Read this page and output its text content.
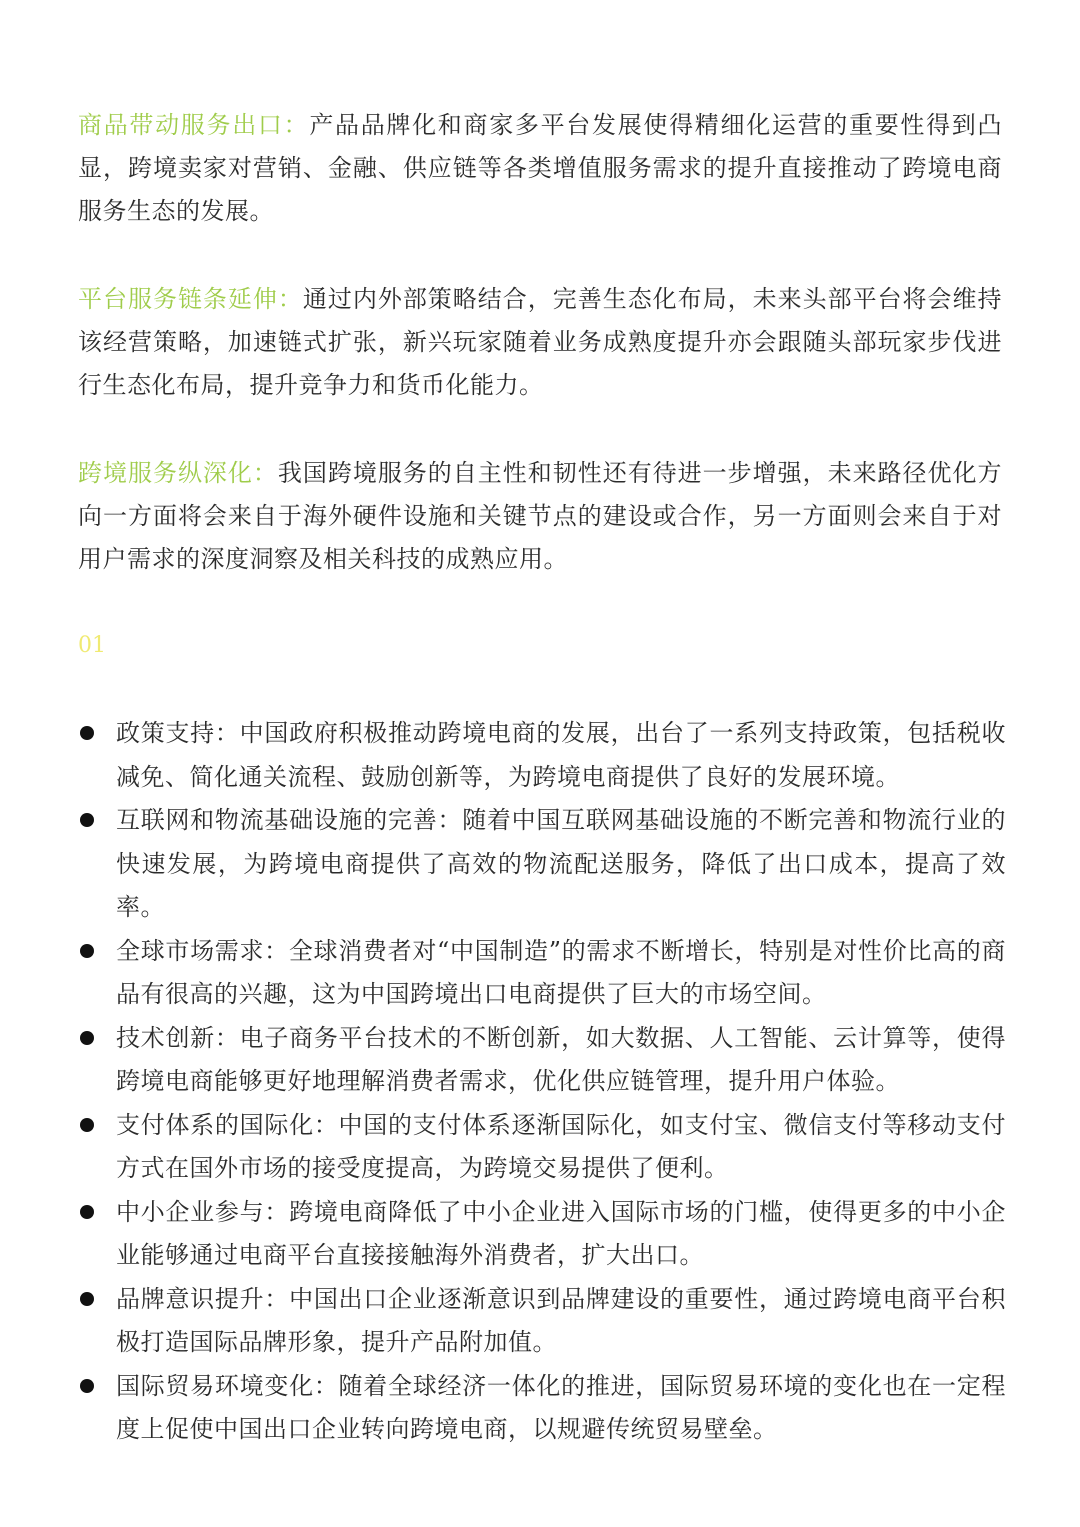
商品带动服务出口：产品品牌化和商家多平台发展使得精细化运营的重要性得到凸显，跨境卖家对营销、金融、供应链等各类增值服务需求的提升直接推动了跨境电商服务生态的发展。

平台服务链条延伸：通过内外部策略结合，完善生态化布局，未来头部平台将会维持该经营策略，加速链式扩张，新兴玩家随着业务成熟度提升亦会跟随头部玩家步伐进行生态化布局，提升竞争力和货币化能力。

跨境服务纵深化：我国跨境服务的自主性和韧性还有待进一步增强，未来路径优化方向一方面将会来自于海外硬件设施和关键节点的建设或合作，另一方面则会来自于对用户需求的深度洞察及相关科技的成熟应用。

01
政策支持：中国政府积极推动跨境电商的发展，出台了一系列支持政策，包括税收减免、简化通关流程、鼓励创新等，为跨境电商提供了良好的发展环境。
互联网和物流基础设施的完善：随着中国互联网基础设施的不断完善和物流行业的快速发展，为跨境电商提供了高效的物流配送服务，降低了出口成本，提高了效率。
全球市场需求：全球消费者对“中国制造”的需求不断增长，特别是对性价比高的商品有很高的兴趣，这为中国跨境出口电商提供了巨大的市场空间。
技术创新：电子商务平台技术的不断创新，如大数据、人工智能、云计算等，使得跨境电商能够更好地理解消费者需求，优化供应链管理，提升用户体验。
支付体系的国际化：中国的支付体系逐渐国际化，如支付宝、微信支付等移动支付方式在国外市场的接受度提高，为跨境交易提供了便利。
中小企业参与：跨境电商降低了中小企业进入国际市场的门槛，使得更多的中小企业能够通过电商平台直接接触海外消费者，扩大出口。
品牌意识提升：中国出口企业逐渐意识到品牌建设的重要性，通过跨境电商平台积极打造国际品牌形象，提升产品附加值。
国际贸易环境变化：随着全球经济一体化的推进，国际贸易环境的变化也在一定程度上促使中国出口企业转向跨境电商，以规避传统贸易壁垒。
